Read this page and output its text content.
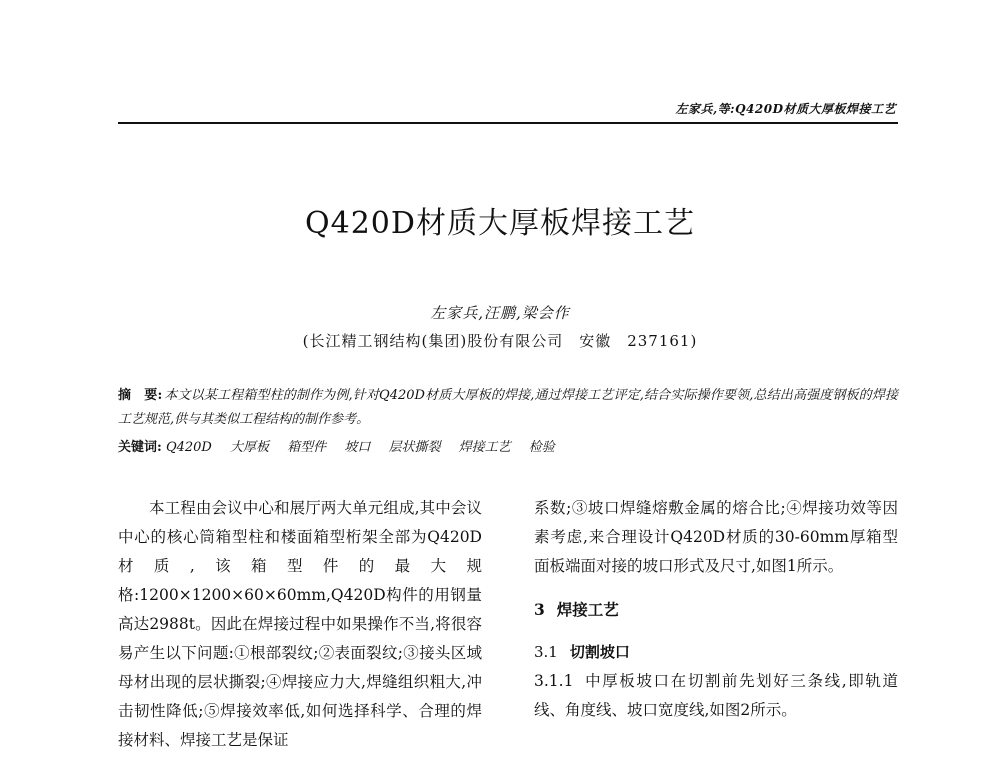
左家兵,等:Q420D材质大厚板焊接工艺
Q420D材质大厚板焊接工艺
左家兵,汪鹏,梁会作
(长江精工钢结构(集团)股份有限公司　安徽　237161)
摘　要: 本文以某工程箱型柱的制作为例,针对Q420D材质大厚板的焊接,通过焊接工艺评定,结合实际操作要领,总结出高强度钢板的焊接工艺规范,供与其类似工程结构的制作参考。
关键词: Q420D 大厚板 箱型件 坡口 层状撕裂 焊接工艺 检验

本工程由会议中心和展厅两大单元组成,其中会议中心的核心筒箱型柱和楼面箱型桁架全部为Q420D材质,该箱型件的最大规格:1200×1200×60×60mm,Q420D构件的用钢量高达2988t。因此在焊接过程中如果操作不当,将很容易产生以下问题:①根部裂纹;②表面裂纹;③接头区域母材出现的层状撕裂;④焊接应力大,焊缝组织粗大,冲击韧性降低;⑤焊接效率低,如何选择科学、合理的焊接材料、焊接工艺是保证

系数;③坡口焊缝熔敷金属的熔合比;④焊接功效等因素考虑,来合理设计Q420D材质的30-60mm厚箱型面板端面对接的坡口形式及尺寸,如图1所示。

3 焊接工艺
3.1 切割坡口

3.1.1 中厚板坡口在切割前先划好三条线,即轨道线、角度线、坡口宽度线,如图2所示。
